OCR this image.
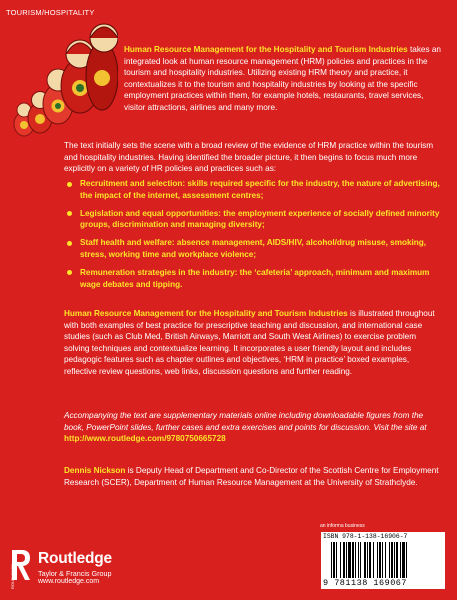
TOURISM/HOSPITALITY
Human Resource Management for the Hospitality and Tourism Industries takes an integrated look at human resource management (HRM) policies and practices in the tourism and hospitality industries. Utilizing existing HRM theory and practice, it contextualizes it to the tourism and hospitality industries by looking at the specific employment practices within them, for example hotels, restaurants, travel services, visitor attractions, airlines and many more.
The text initially sets the scene with a broad review of the evidence of HRM practice within the tourism and hospitality industries. Having identified the broader picture, it then begins to focus much more explicitly on a variety of HR policies and practices such as:
Recruitment and selection: skills required specific for the industry, the nature of advertising, the impact of the internet, assessment centres;
Legislation and equal opportunities: the employment experience of socially defined minority groups, discrimination and managing diversity;
Staff health and welfare: absence management, AIDS/HIV, alcohol/drug misuse, smoking, stress, working time and workplace violence;
Remuneration strategies in the industry: the ‘cafeteria’ approach, minimum and maximum wage debates and tipping.
Human Resource Management for the Hospitality and Tourism Industries is illustrated throughout with both examples of best practice for prescriptive teaching and discussion, and international case studies (such as Club Med, British Airways, Marriott and South West Airlines) to exercise problem solving techniques and contextualize learning. It incorporates a user friendly layout and includes pedagogic features such as chapter outlines and objectives, ‘HRM in practice’ boxed examples, reflective review questions, web links, discussion questions and further reading.
Accompanying the text are supplementary materials online including downloadable figures from the book, PowerPoint slides, further cases and extra exercises and points for discussion. Visit the site at http://www.routledge.com/9780750665728
Dennis Nickson is Deputy Head of Department and Co-Director of the Scottish Centre for Employment Research (SCER), Department of Human Resource Management at the University of Strathclyde.
an informa business
ISBN 978-1-138-16906-7
9 781138 169067
ROUTLEDGE
Routledge
Taylor & Francis Group
www.routledge.com
